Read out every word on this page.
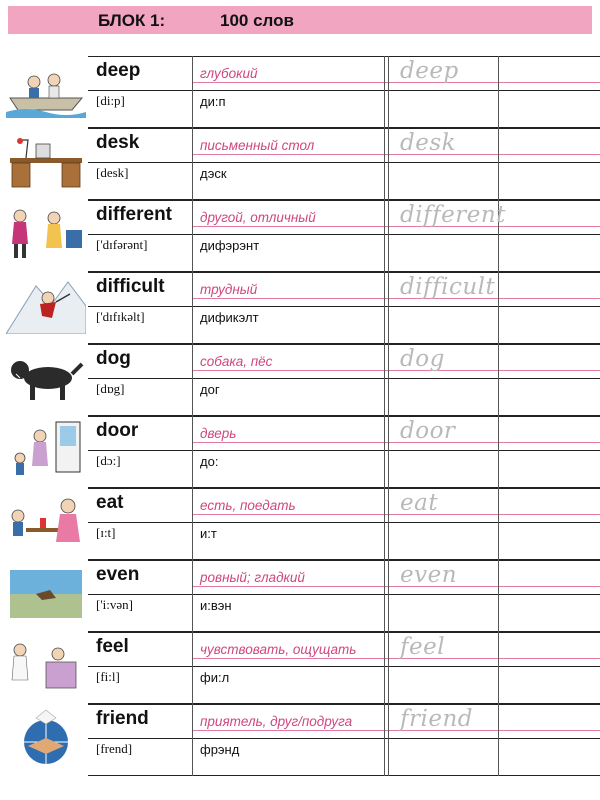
БЛОК 1:	100 слов
deep
[di:p]
глубокий
ди:п
deep
desk
[desk]
письменный стол
дэск
desk
different
['dɪfərənt]
другой, отличный
дифэрэнт
different
difficult
['dɪfɪkəlt]
трудный
дификэлт
difficult
dog
[dɒg]
собака, пёс
дог
dog
door
[dɔ:]
дверь
до:
door
eat
[ɪ:t]
есть, поедать
и:т
eat
even
['i:vən]
ровный; гладкий
и:вэн
even
feel
[fi:l]
чувствовать, ощущать
фи:л
feel
friend
[frend]
приятель, друг/подруга
фрэнд
friend
